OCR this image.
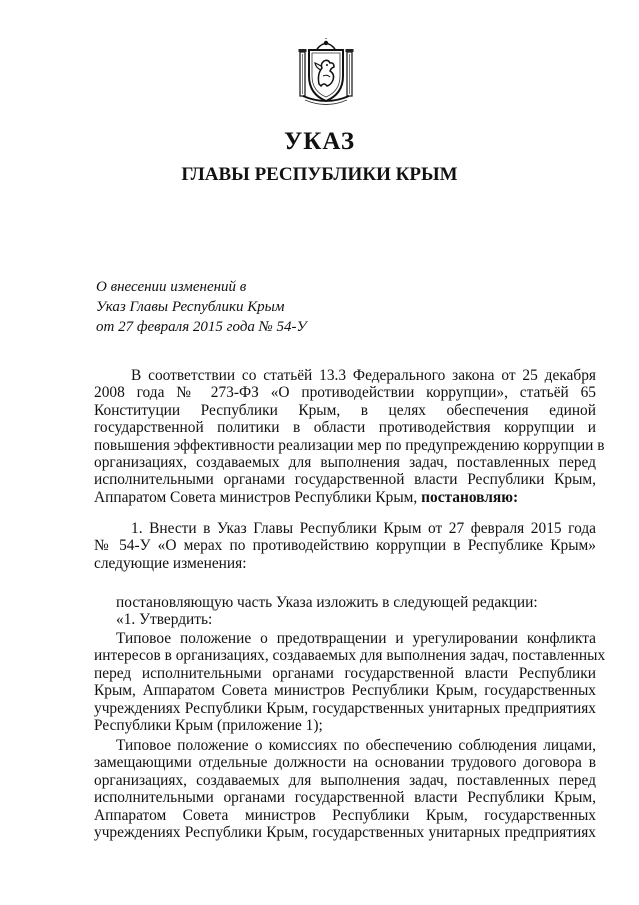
УКАЗ
ГЛАВЫ РЕСПУБЛИКИ КРЫМ
О внесении изменений в
Указ Главы Республики Крым
от 27 февраля 2015 года № 54-У
В соответствии со статьёй 13.3 Федерального закона от 25 декабря
2008 года № 273-ФЗ «О противодействии коррупции», статьёй 65
Конституции Республики Крым, в целях обеспечения единой
государственной политики в области противодействия коррупции и
повышения эффективности реализации мер по предупреждению коррупции в
организациях, создаваемых для выполнения задач, поставленных перед
исполнительными органами государственной власти Республики Крым,
Аппаратом Совета министров Республики Крым, постановляю:
1. Внести в Указ Главы Республики Крым от 27 февраля 2015 года
№ 54-У «О мерах по противодействию коррупции в Республике Крым»
следующие изменения:
постановляющую часть Указа изложить в следующей редакции:
«1. Утвердить:
Типовое положение о предотвращении и урегулировании конфликта
интересов в организациях, создаваемых для выполнения задач, поставленных
перед исполнительными органами государственной власти Республики
Крым, Аппаратом Совета министров Республики Крым, государственных
учреждениях Республики Крым, государственных унитарных предприятиях
Республики Крым (приложение 1);
Типовое положение о комиссиях по обеспечению соблюдения лицами,
замещающими отдельные должности на основании трудового договора в
организациях, создаваемых для выполнения задач, поставленных перед
исполнительными органами государственной власти Республики Крым,
Аппаратом Совета министров Республики Крым, государственных
учреждениях Республики Крым, государственных унитарных предприятиях
